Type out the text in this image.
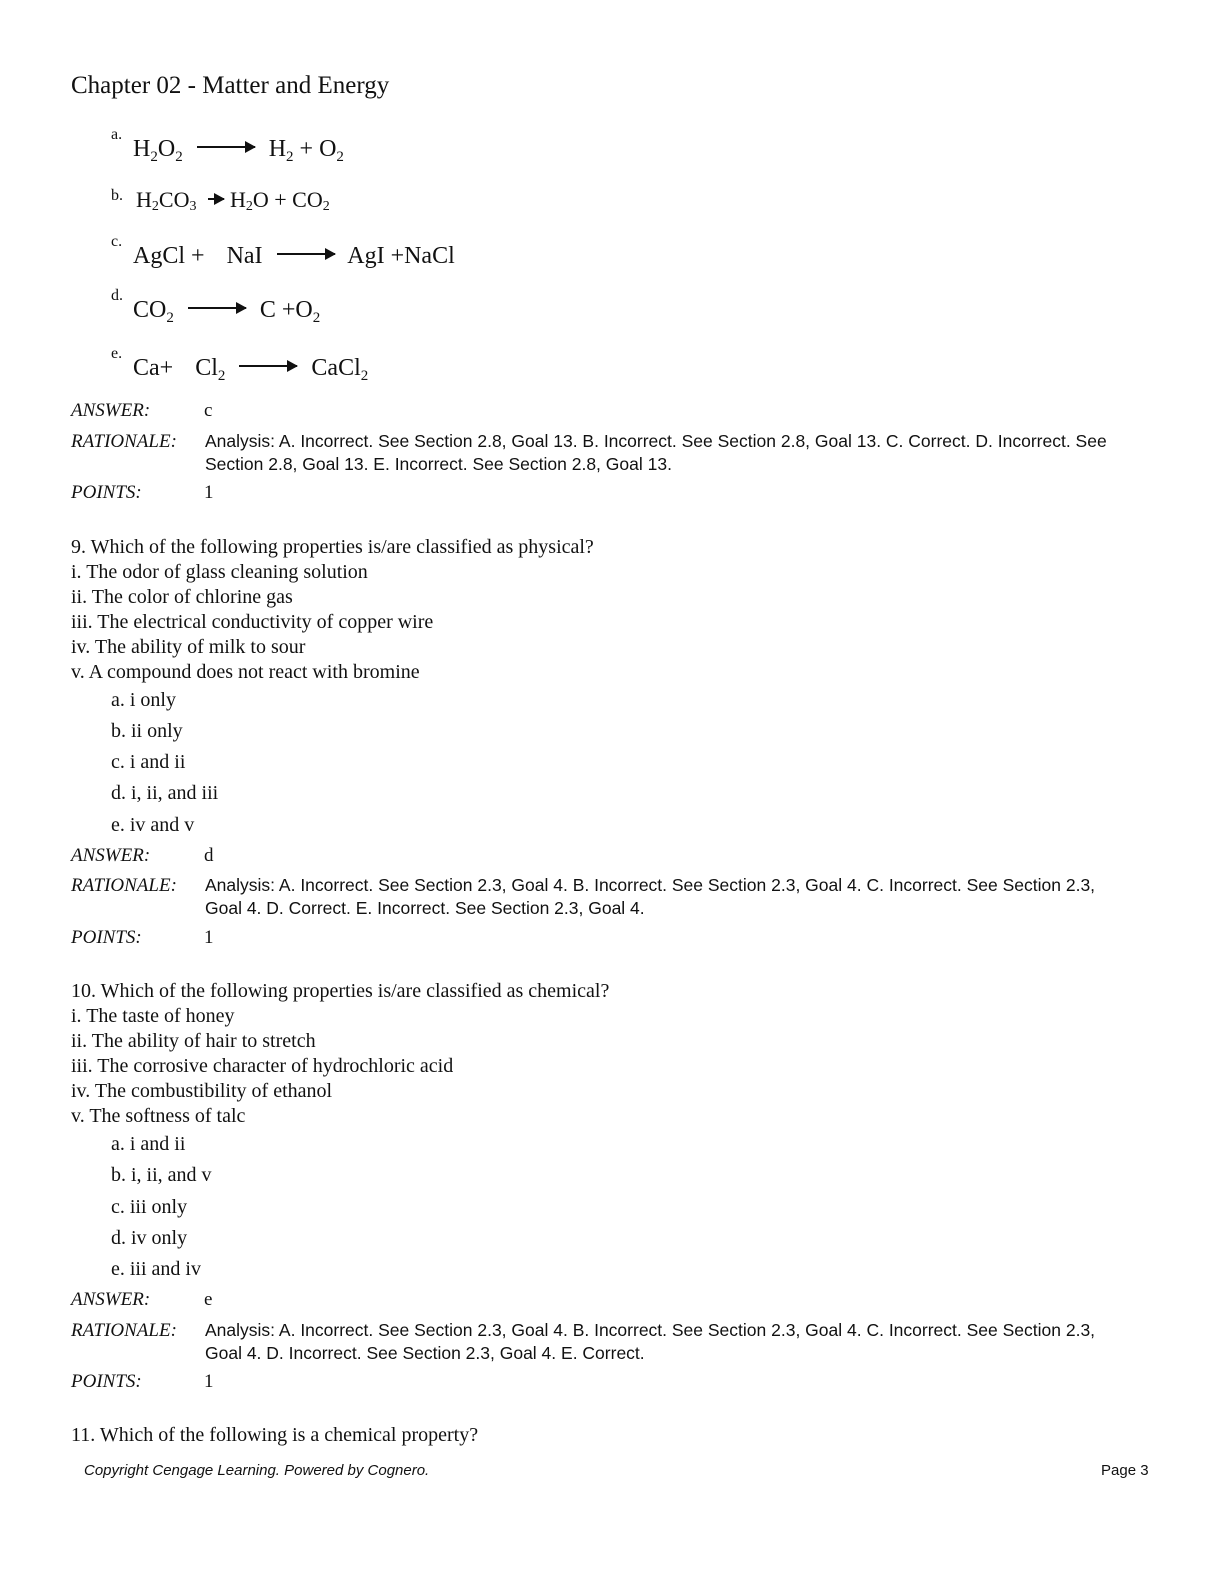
Chapter 02 - Matter and Energy
a.
$H_2O_2 \to H_2 + O_2$
b. $H_2CO_3$ $H_2O + CO_2$
c.
AgCl + NaI → AgI +NaCl
d.
$CO_2 \to C +O_2$
e.
$Ca+ Cl_2$ → CaCl$_2$
ANSWER:	c
RATIONALE: Analysis: A. Incorrect. See Section 2.8, Goal 13. B. Incorrect. See Section 2.8, Goal 13. C. Correct. D. Incorrect. See Section 2.8, Goal 13. E. Incorrect. See Section 2.8, Goal 13.
POINTS:	1
9. Which of the following properties is/are classified as physical?
i. The odor of glass cleaning solution
ii. The color of chlorine gas
iii. The electrical conductivity of copper wire
iv. The ability of milk to sour
v. A compound does not react with bromine
a. i only
b. ii only
c. i and ii
d. i, ii, and iii
e. iv and v
ANSWER:	d
RATIONALE: Analysis: A. Incorrect. See Section 2.3, Goal 4. B. Incorrect. See Section 2.3, Goal 4. C. Incorrect. See Section 2.3, Goal 4. D. Correct. E. Incorrect. See Section 2.3, Goal 4.
POINTS:	1
10. Which of the following properties is/are classified as chemical?
i. The taste of honey
ii. The ability of hair to stretch
iii. The corrosive character of hydrochloric acid
iv. The combustibility of ethanol
v. The softness of talc
a. i and ii
b. i, ii, and v
c. iii only
d. iv only
e. iii and iv
ANSWER:	e
RATIONALE: Analysis: A. Incorrect. See Section 2.3, Goal 4. B. Incorrect. See Section 2.3, Goal 4. C. Incorrect. See Section 2.3, Goal 4. D. Incorrect. See Section 2.3, Goal 4. E. Correct.
POINTS:	1
11. Which of the following is a chemical property?
Copyright Cengage Learning. Powered by Cognero.	Page 3
